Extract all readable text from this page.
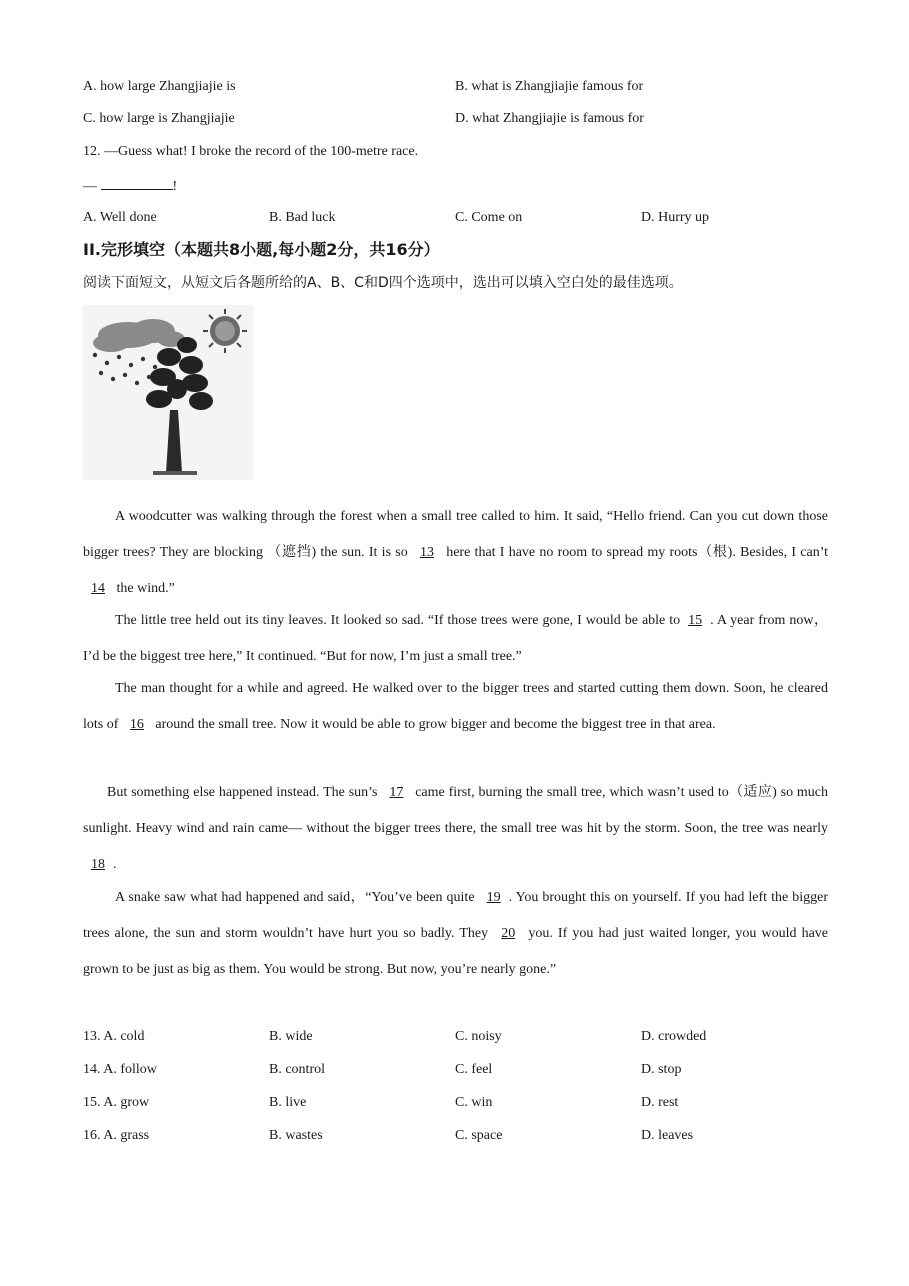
A. how large Zhangjiajie is	B. what is Zhangjiajie famous for
C. how large is Zhangjiajie	D. what Zhangjiajie is famous for
12. —Guess what! I broke the record of the 100-metre race.
—	!
A. Well done	B. Bad luck	C. Come on	D. Hurry up
II.完形填空（本题共8小题,每小题2分，共16分）
阅读下面短文，从短文后各题所给的A、B、C和D四个选项中，选出可以填入空白处的最佳选项。
A woodcutter was walking through the forest when a small tree called to him. It said, “Hello friend. Can you cut down those bigger trees? They are blocking （遮挡) the sun. It is so 13 here that I have no room to spread my roots（根). Besides, I can’t 14 the wind.”
The little tree held out its tiny leaves. It looked so sad. “If those trees were gone, I would be able to 15 . A year from now，I’d be the biggest tree here,” It continued. “But for now, I’m just a small tree.”
The man thought for a while and agreed. He walked over to the bigger trees and started cutting them down. Soon, he cleared lots of 16 around the small tree. Now it would be able to grow bigger and become the biggest tree in that area.
But something else happened instead. The sun’s 17 came first, burning the small tree, which wasn’t used to（适应) so much sunlight. Heavy wind and rain came— without the bigger trees there, the small tree was hit by the storm. Soon, the tree was nearly 18 .
A snake saw what had happened and said，“You’ve been quite 19 . You brought this on yourself. If you had left the bigger trees alone, the sun and storm wouldn’t have hurt you so badly. They 20 you. If you had just waited longer, you would have grown to be just as big as them. You would be strong. But now, you’re nearly gone.”
13. A. cold	B. wide	C. noisy	D. crowded
14. A. follow	B. control	C. feel	D. stop
15. A. grow	B. live	C. win	D. rest
16. A. grass	B. wastes	C. space	D. leaves
